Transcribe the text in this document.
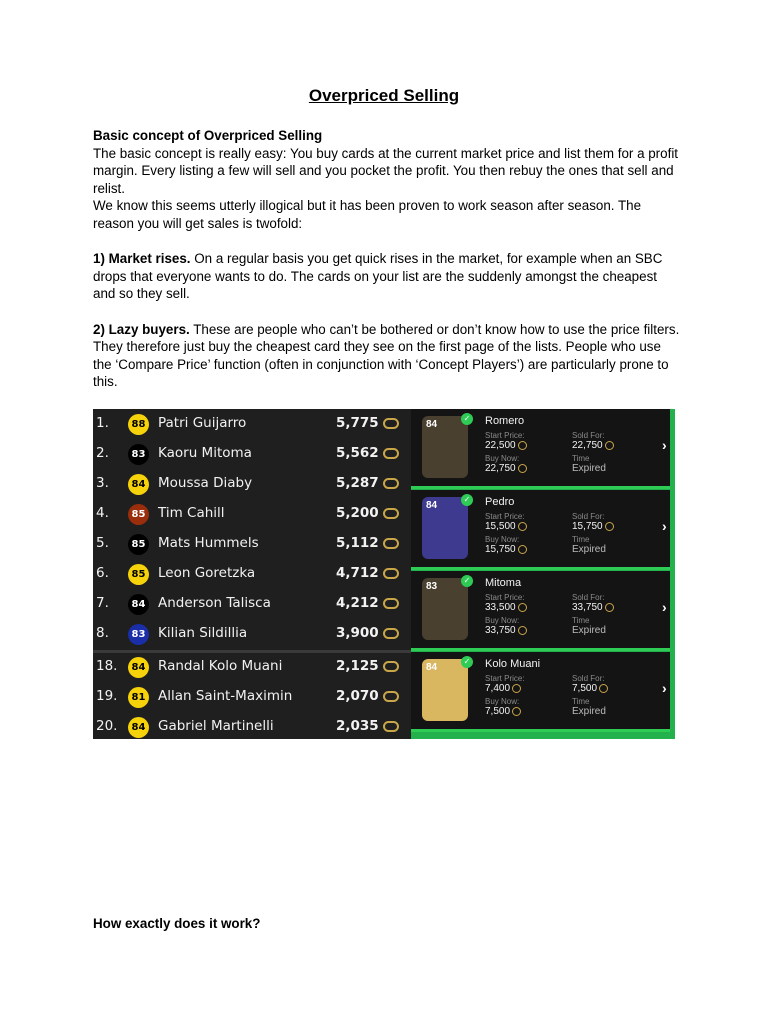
Overpriced Selling

Basic concept of Overpriced Selling

The basic concept is really easy: You buy cards at the current market price and list them for a profit margin. Every listing a few will sell and you pocket the profit. You then rebuy the ones that sell and relist.

We know this seems utterly illogical but it has been proven to work season after season. The reason you will get sales is twofold:

1) Market rises. On a regular basis you get quick rises in the market, for example when an SBC drops that everyone wants to do. The cards on your list are the suddenly amongst the cheapest and so they sell.

2) Lazy buyers. These are people who can’t be bothered or don’t know how to use the price filters. They therefore just buy the cheapest card they see on the first page of the lists. People who use the ‘Compare Price’ function (often in conjunction with ‘Concept Players’) are particularly prone to this.

1.	88 Patri Guijarro	5,775
2.	83 Kaoru Mitoma	5,562
3.	84 Moussa Diaby	5,287
4.	85 Tim Cahill	5,200
5.	85 Mats Hummels	5,112
6.	85 Leon Goretzka	4,712
7.	84 Anderson Talisca	4,212
8.	83 Kilian Sildillia	3,900
18.	84 Randal Kolo Muani	2,125
19.	81 Allan Saint-Maximin	2,070
20.	84 Gabriel Martinelli	2,035
84
✓ Romero
Start Price:
22,500
Buy Now:
22,750
Sold For:
22,750
Time
Expired
›
84
✓ Pedro
Start Price:
15,500
Buy Now:
15,750
Sold For:
15,750
Time
Expired
›
83
✓ Mitoma
Start Price:
33,500
Buy Now:
33,750
Sold For:
33,750
Time
Expired
›
84
✓ Kolo Muani
Start Price:
7,400
Buy Now:
7,500
Sold For:
7,500
Time
Expired
›
How exactly does it work?
